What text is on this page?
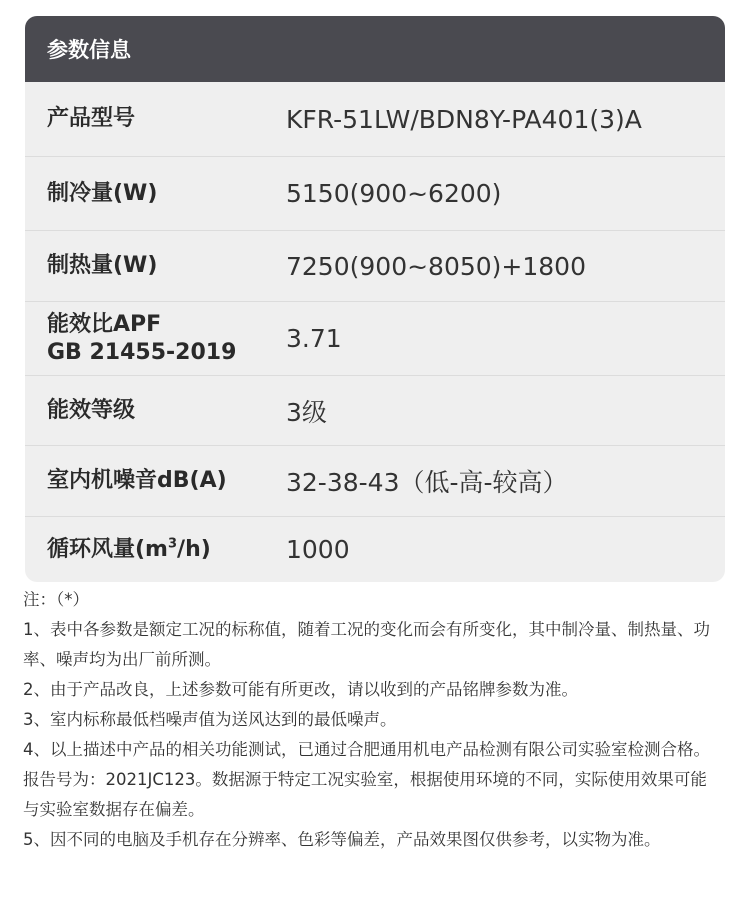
参数信息
产品型号	KFR-51LW/BDN8Y-PA401(3)A
制冷量(W)	5150(900~6200)
制热量(W)	7250(900~8050)+1800
能效比APF
GB 21455-2019	3.71
能效等级	3级
室内机噪音dB(A)	32-38-43（低-高-较高）
循环风量$(m^3/h)$	1000

注：（*）

1、表中各参数是额定工况的标称值，随着工况的变化而会有所变化，其中制冷量、制热量、功率、噪声均为出厂前所测。

2、由于产品改良，上述参数可能有所更改，请以收到的产品铭牌参数为准。

3、室内标称最低档噪声值为送风达到的最低噪声。

4、以上描述中产品的相关功能测试，已通过合肥通用机电产品检测有限公司实验室检测合格。报告号为：2021JC123。数据源于特定工况实验室，根据使用环境的不同，实际使用效果可能与实验室数据存在偏差。

5、因不同的电脑及手机存在分辨率、色彩等偏差，产品效果图仅供参考，以实物为准。
